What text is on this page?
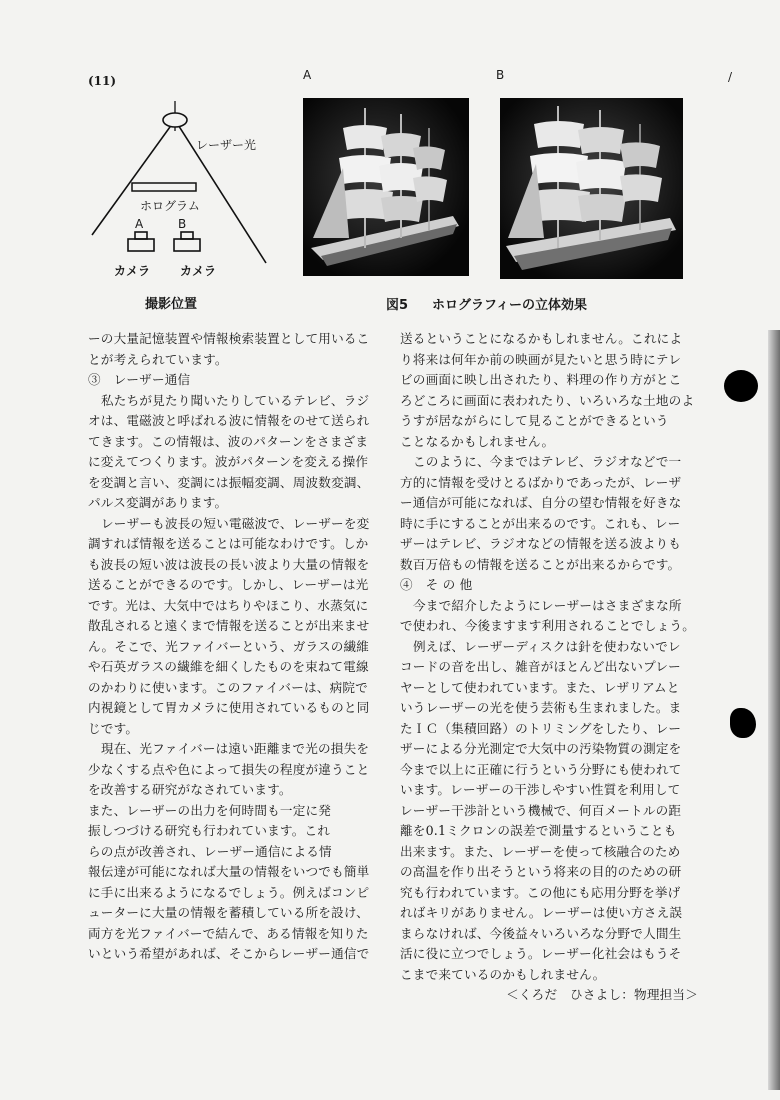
(11)	/
レーザー光
ホログラム
A	B
カメラ カメラ
撮影位置
A	B
図5 ホログラフィーの立体効果

ーの大量記憶装置や情報検索装置として用いるこ

とが考えられています。

③　レーザー通信

私たちが見たり聞いたりしているテレビ、ラジ

オは、電磁波と呼ばれる波に情報をのせて送られ

てきます。この情報は、波のパターンをさまざま

に変えてつくります。波がパターンを変える操作

を変調と言い、変調には振幅変調、周波数変調、

パルス変調があります。

レーザーも波長の短い電磁波で、レーザーを変

調すれば情報を送ることは可能なわけです。しか

も波長の短い波は波長の長い波より大量の情報を

送ることができるのです。しかし、レーザーは光

です。光は、大気中ではちりやほこり、水蒸気に

散乱されると遠くまで情報を送ることが出来ませ

ん。そこで、光ファイバーという、ガラスの繊維

や石英ガラスの繊維を細くしたものを束ねて電線

のかわりに使います。このファイバーは、病院で

内視鏡として胃カメラに使用されているものと同

じです。

現在、光ファイバーは遠い距離まで光の損失を

少なくする点や色によって損失の程度が違うこと

を改善する研究がなされています。

また、レーザーの出力を何時間も一定に発

振しつづける研究も行われています。これ

らの点が改善され、レーザー通信による情

報伝達が可能になれば大量の情報をいつでも簡単

に手に出来るようになるでしょう。例えばコンピ

ューターに大量の情報を蓄積している所を設け、

両方を光ファイバーで結んで、ある情報を知りた

いという希望があれば、そこからレーザー通信で

送るということになるかもしれません。これによ

り将来は何年か前の映画が見たいと思う時にテレ

ビの画面に映し出されたり、料理の作り方がとこ

ろどころに画面に表われたり、いろいろな土地のよ

うすが居ながらにして見ることができるという

ことなるかもしれません。

このように、今まではテレビ、ラジオなどで一

方的に情報を受けとるばかりであったが、レーザ

ー通信が可能になれば、自分の望む情報を好きな

時に手にすることが出来るのです。これも、レー

ザーはテレビ、ラジオなどの情報を送る波よりも

数百万倍もの情報を送ることが出来るからです。

④　そ の 他

今まで紹介したようにレーザーはさまざまな所

で使われ、今後ますます利用されることでしょう。

例えば、レーザーディスクは針を使わないでレ

コードの音を出し、雑音がほとんど出ないプレー

ヤーとして使われています。また、レザリアムと

いうレーザーの光を使う芸術も生まれました。ま

たＩＣ（集積回路）のトリミングをしたり、レー

ザーによる分光測定で大気中の汚染物質の測定を

今まで以上に正確に行うという分野にも使われて

います。レーザーの干渉しやすい性質を利用して

レーザー干渉計という機械で、何百メートルの距

離を0.1ミクロンの誤差で測量するということも

出来ます。また、レーザーを使って核融合のため

の高温を作り出そうという将来の目的のための研

究も行われています。この他にも応用分野を挙げ

ればキリがありません。レーザーは使い方さえ誤

まらなければ、今後益々いろいろな分野で人間生

活に役に立つでしょう。レーザー化社会はもうそ

こまで来ているのかもしれません。

＜くろだ　ひさよし：物理担当＞
